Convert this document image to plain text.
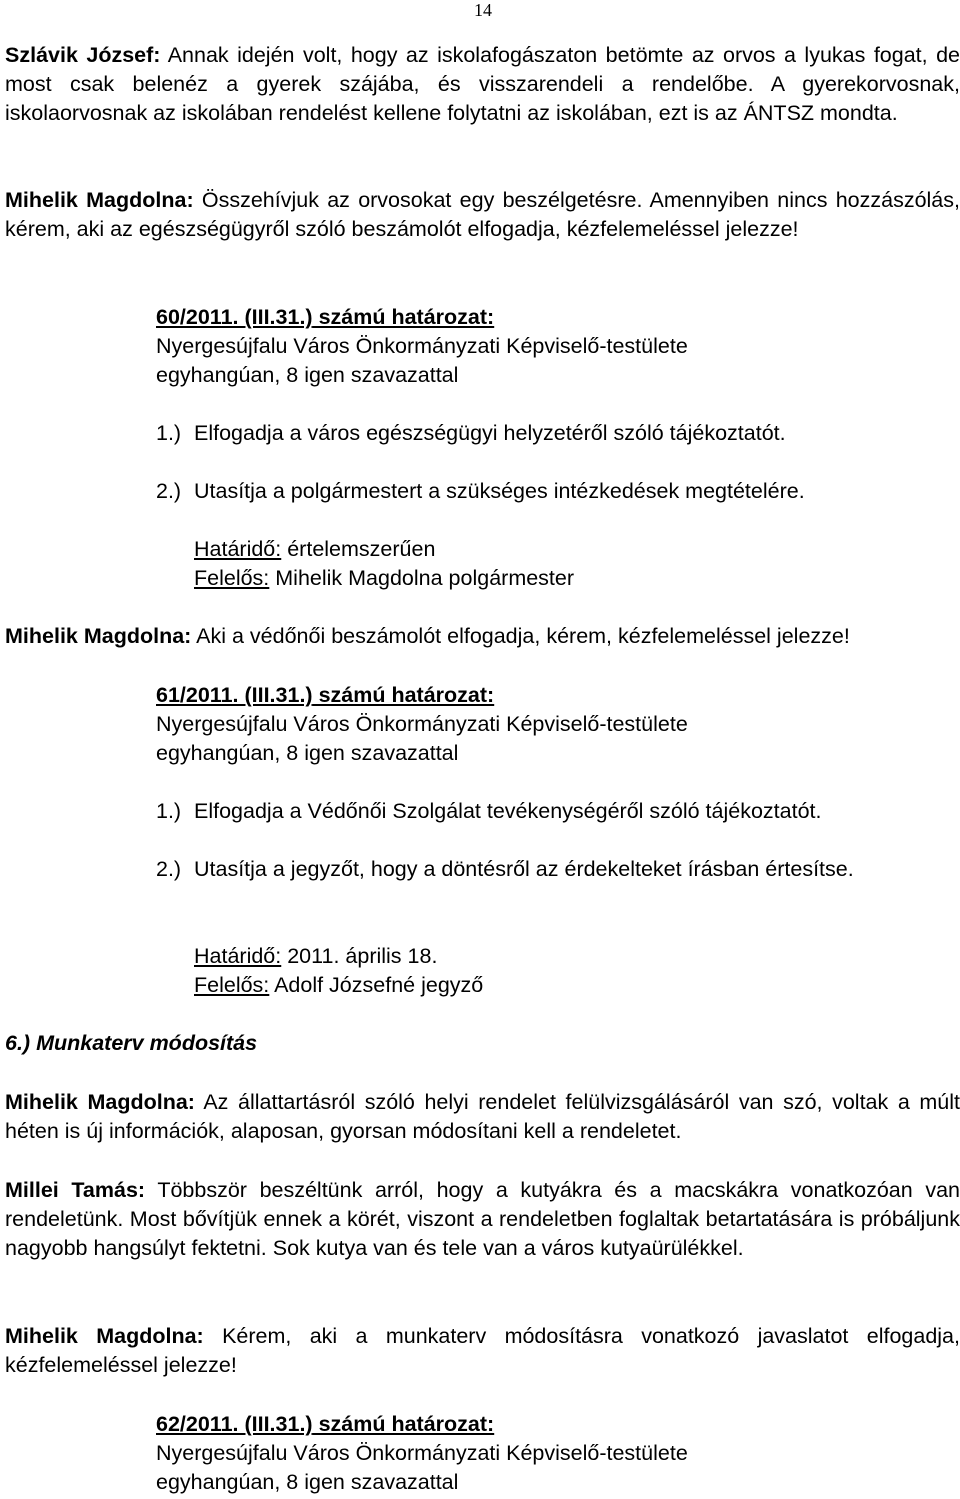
14

Szlávik József: Annak idején volt, hogy az iskolafogászaton betömte az orvos a lyukas fogat, de most csak belenéz a gyerek szájába, és visszarendeli a rendelőbe. A gyerekorvosnak, iskolaorvosnak az iskolában rendelést kellene folytatni az iskolában, ezt is az ÁNTSZ mondta.

Mihelik Magdolna: Összehívjuk az orvosokat egy beszélgetésre. Amennyiben nincs hozzászólás, kérem, aki az egészségügyről szóló beszámolót elfogadja, kézfelemeléssel jelezze!

60/2011. (III.31.) számú határozat:
Nyergesújfalu Város Önkormányzati Képviselő-testülete
egyhangúan, 8 igen szavazattal
1.) Elfogadja a város egészségügyi helyzetéről szóló tájékoztatót.
2.) Utasítja a polgármestert a szükséges intézkedések megtételére.
Határidő: értelemszerűen
Felelős: Mihelik Magdolna polgármester

Mihelik Magdolna: Aki a védőnői beszámolót elfogadja, kérem, kézfelemeléssel jelezze!

61/2011. (III.31.) számú határozat:
Nyergesújfalu Város Önkormányzati Képviselő-testülete
egyhangúan, 8 igen szavazattal
1.) Elfogadja a Védőnői Szolgálat tevékenységéről szóló tájékoztatót.
2.) Utasítja a jegyzőt, hogy a döntésről az érdekelteket írásban értesítse.
Határidő: 2011. április 18.
Felelős: Adolf Józsefné jegyző
6.) Munkaterv módosítás

Mihelik Magdolna: Az állattartásról szóló helyi rendelet felülvizsgálásáról van szó, voltak a múlt héten is új információk, alaposan, gyorsan módosítani kell a rendeletet.

Millei Tamás: Többször beszéltünk arról, hogy a kutyákra és a macskákra vonatkozóan van rendeletünk. Most bővítjük ennek a körét, viszont a rendeletben foglaltak betartatására is próbáljunk nagyobb hangsúlyt fektetni. Sok kutya van és tele van a város kutyaürülékkel.

Mihelik Magdolna: Kérem, aki a munkaterv módosításra vonatkozó javaslatot elfogadja, kézfelemeléssel jelezze!

62/2011. (III.31.) számú határozat:
Nyergesújfalu Város Önkormányzati Képviselő-testülete
egyhangúan, 8 igen szavazattal
